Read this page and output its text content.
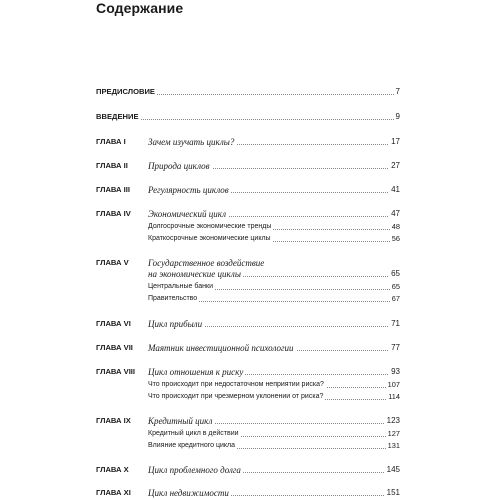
Содержание
ПРЕДИСЛОВИЕ	7
ВВЕДЕНИЕ	9
ГЛАВА I Зачем изучать циклы?	17
ГЛАВА II Природа циклов	27
ГЛАВА III Регулярность циклов	41
ГЛАВА IV Экономический цикл	47
Долгосрочные экономические тренды	48
Краткосрочные экономические циклы	56
ГЛАВА V Государственное воздействие
на экономические циклы	65
Центральные банки	65
Правительство	67
ГЛАВА VI Цикл прибыли	71
ГЛАВА VII Маятник инвестиционной психологии	77
ГЛАВА VIII Цикл отношения к риску	93
Что происходит при недостаточном неприятии риска?	107
Что происходит при чрезмерном уклонении от риска?	114
ГЛАВА IX Кредитный цикл	123
Кредитный цикл в действии	127
Влияние кредитного цикла	131
ГЛАВА X Цикл проблемного долга	145
ГЛАВА XI Цикл недвижимости	151
